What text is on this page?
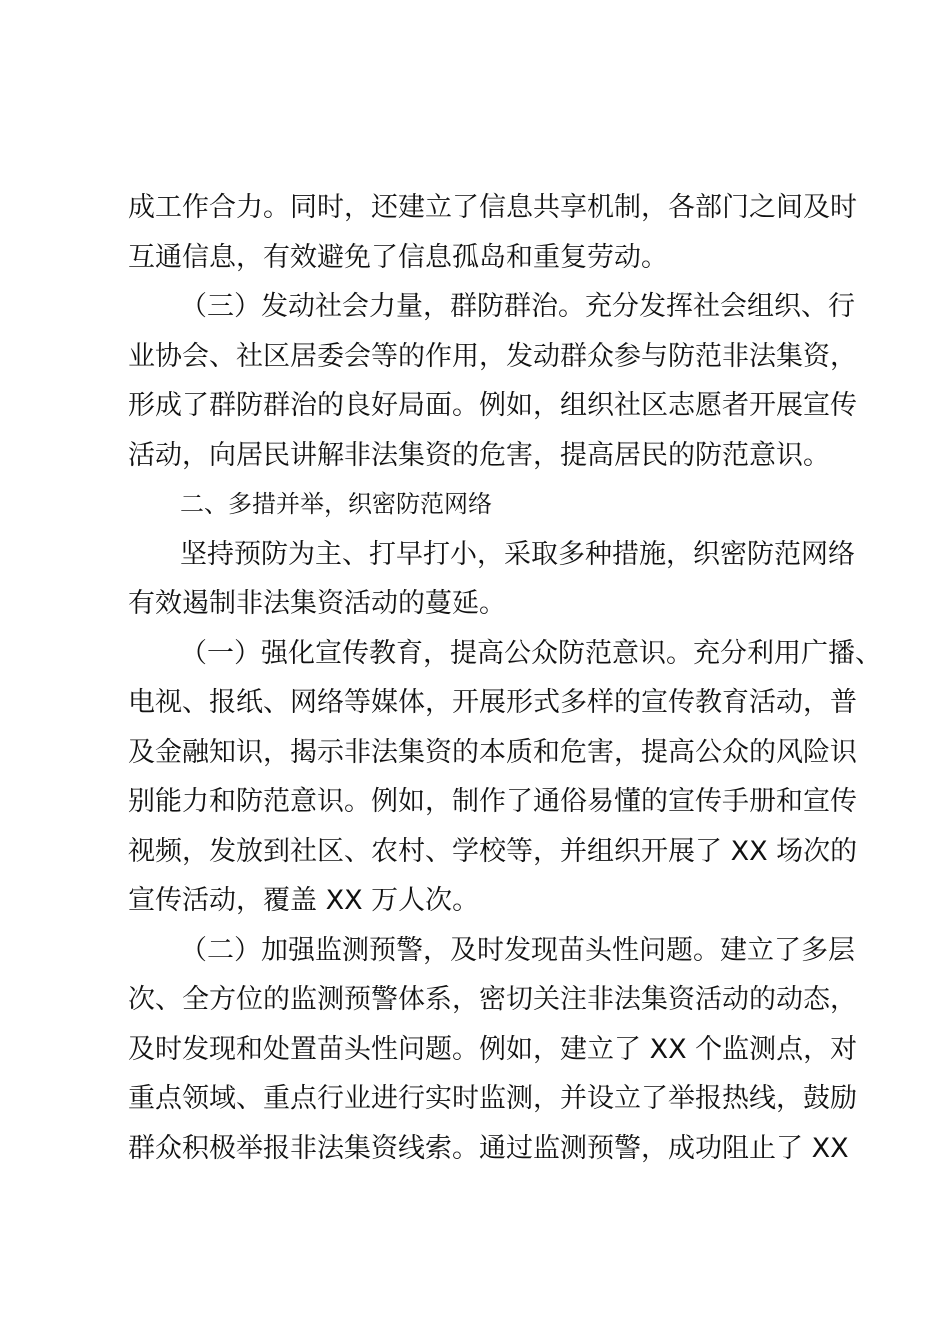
成工作合力。同时，还建立了信息共享机制，各部门之间及时
互通信息，有效避免了信息孤岛和重复劳动。
（三）发动社会力量，群防群治。充分发挥社会组织、行
业协会、社区居委会等的作用，发动群众参与防范非法集资，
形成了群防群治的良好局面。例如，组织社区志愿者开展宣传
活动，向居民讲解非法集资的危害，提高居民的防范意识。
二、多措并举，织密防范网络
坚持预防为主、打早打小，采取多种措施，织密防范网络
有效遏制非法集资活动的蔓延。
（一）强化宣传教育，提高公众防范意识。充分利用广播、
电视、报纸、网络等媒体，开展形式多样的宣传教育活动，普
及金融知识，揭示非法集资的本质和危害，提高公众的风险识
别能力和防范意识。例如，制作了通俗易懂的宣传手册和宣传
视频，发放到社区、农村、学校等，并组织开展了 XX 场次的
宣传活动，覆盖 XX 万人次。
（二）加强监测预警，及时发现苗头性问题。建立了多层
次、全方位的监测预警体系，密切关注非法集资活动的动态，
及时发现和处置苗头性问题。例如，建立了 XX 个监测点，对
重点领域、重点行业进行实时监测，并设立了举报热线，鼓励
群众积极举报非法集资线索。通过监测预警，成功阻止了 XX
